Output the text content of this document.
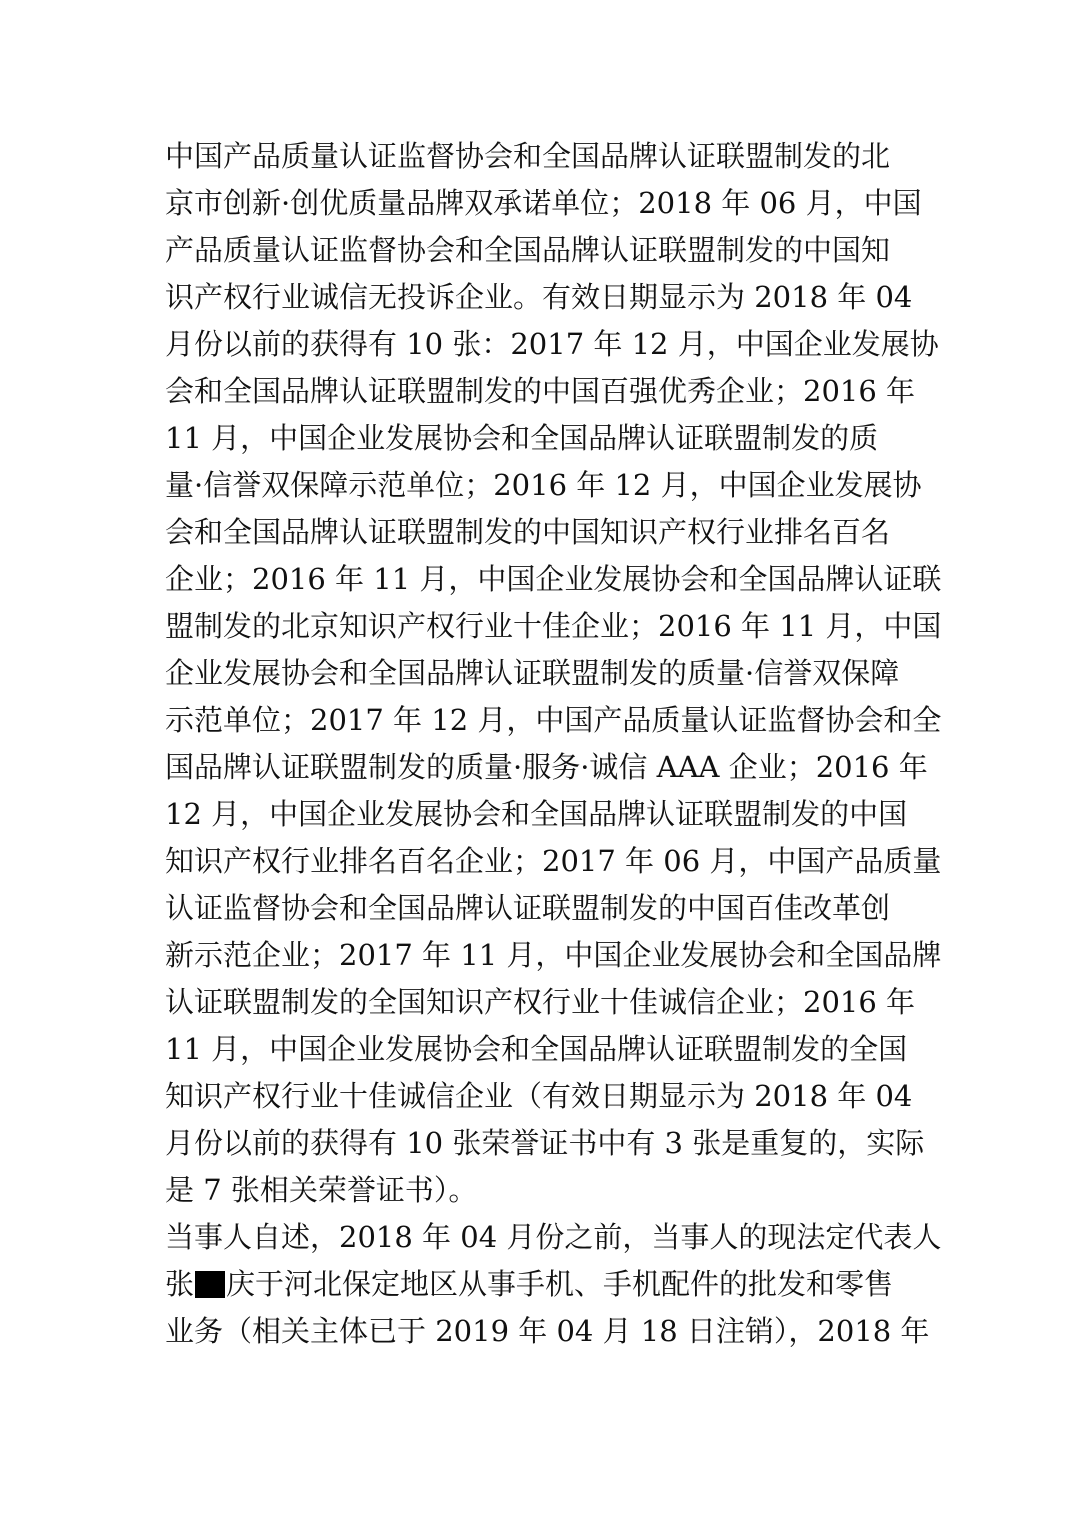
中国产品质量认证监督协会和全国品牌认证联盟制发的北
京市创新·创优质量品牌双承诺单位；2018 年 06 月，中国
产品质量认证监督协会和全国品牌认证联盟制发的中国知
识产权行业诚信无投诉企业。有效日期显示为 2018 年 04
月份以前的获得有 10 张：2017 年 12 月，中国企业发展协
会和全国品牌认证联盟制发的中国百强优秀企业；2016 年
11 月，中国企业发展协会和全国品牌认证联盟制发的质
量·信誉双保障示范单位；2016 年 12 月，中国企业发展协
会和全国品牌认证联盟制发的中国知识产权行业排名百名
企业；2016 年 11 月，中国企业发展协会和全国品牌认证联
盟制发的北京知识产权行业十佳企业；2016 年 11 月，中国
企业发展协会和全国品牌认证联盟制发的质量·信誉双保障
示范单位；2017 年 12 月，中国产品质量认证监督协会和全
国品牌认证联盟制发的质量·服务·诚信 AAA 企业；2016 年
12 月，中国企业发展协会和全国品牌认证联盟制发的中国
知识产权行业排名百名企业；2017 年 06 月，中国产品质量
认证监督协会和全国品牌认证联盟制发的中国百佳改革创
新示范企业；2017 年 11 月，中国企业发展协会和全国品牌
认证联盟制发的全国知识产权行业十佳诚信企业；2016 年
11 月，中国企业发展协会和全国品牌认证联盟制发的全国
知识产权行业十佳诚信企业（有效日期显示为 2018 年 04
月份以前的获得有 10 张荣誉证书中有 3 张是重复的，实际
是 7 张相关荣誉证书）。
当事人自述，2018 年 04 月份之前，当事人的现法定代表人
张 庆于河北保定地区从事手机、手机配件的批发和零售
业务（相关主体已于 2019 年 04 月 18 日注销），2018 年
